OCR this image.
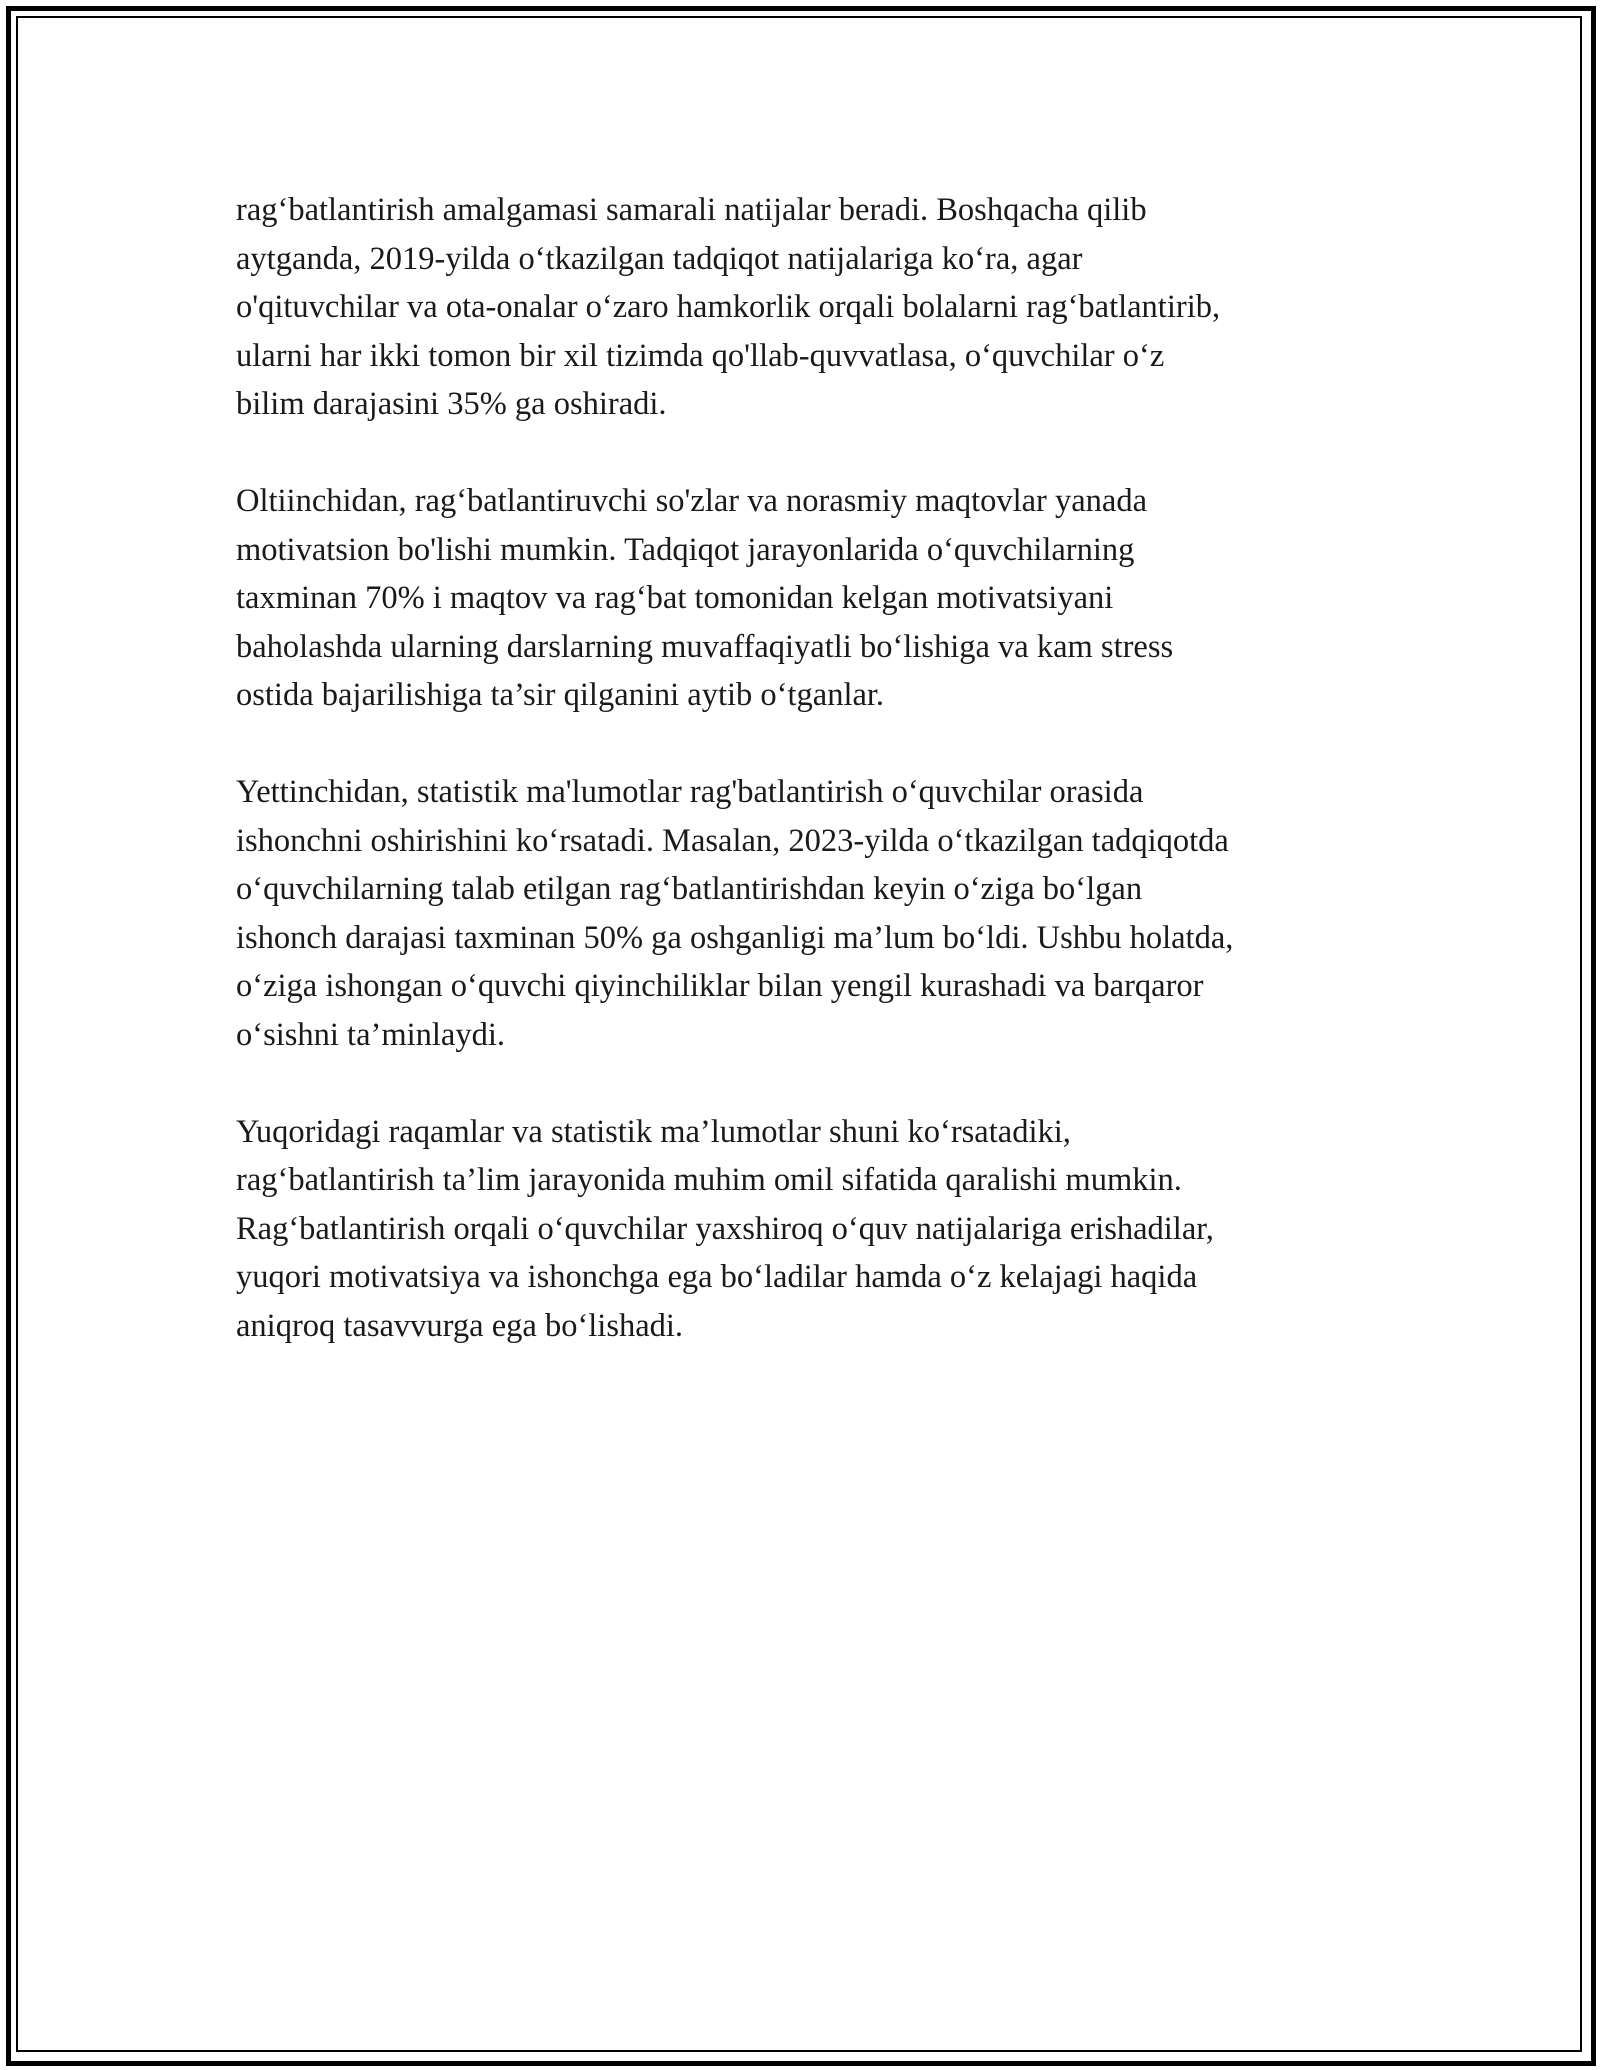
rag‘batlantirish amalgamasi samarali natijalar beradi. Boshqacha qilib
aytganda, 2019-yilda o‘tkazilgan tadqiqot natijalariga ko‘ra, agar
o'qituvchilar va ota-onalar o‘zaro hamkorlik orqali bolalarni rag‘batlantirib,
ularni har ikki tomon bir xil tizimda qo'llab-quvvatlasa, o‘quvchilar o‘z
bilim darajasini 35% ga oshiradi.

Oltiinchidan, rag‘batlantiruvchi so'zlar va norasmiy maqtovlar yanada
motivatsion bo'lishi mumkin. Tadqiqot jarayonlarida o‘quvchilarning
taxminan 70% i maqtov va rag‘bat tomonidan kelgan motivatsiyani
baholashda ularning darslarning muvaffaqiyatli bo‘lishiga va kam stress
ostida bajarilishiga ta’sir qilganini aytib o‘tganlar.

Yettinchidan, statistik ma'lumotlar rag'batlantirish o‘quvchilar orasida
ishonchni oshirishini ko‘rsatadi. Masalan, 2023-yilda o‘tkazilgan tadqiqotda
o‘quvchilarning talab etilgan rag‘batlantirishdan keyin o‘ziga bo‘lgan
ishonch darajasi taxminan 50% ga oshganligi ma’lum bo‘ldi. Ushbu holatda,
o‘ziga ishongan o‘quvchi qiyinchiliklar bilan yengil kurashadi va barqaror
o‘sishni ta’minlaydi.

Yuqoridagi raqamlar va statistik ma’lumotlar shuni ko‘rsatadiki,
rag‘batlantirish ta’lim jarayonida muhim omil sifatida qaralishi mumkin.
Rag‘batlantirish orqali o‘quvchilar yaxshiroq o‘quv natijalariga erishadilar,
yuqori motivatsiya va ishonchga ega bo‘ladilar hamda o‘z kelajagi haqida
aniqroq tasavvurga ega bo‘lishadi.
